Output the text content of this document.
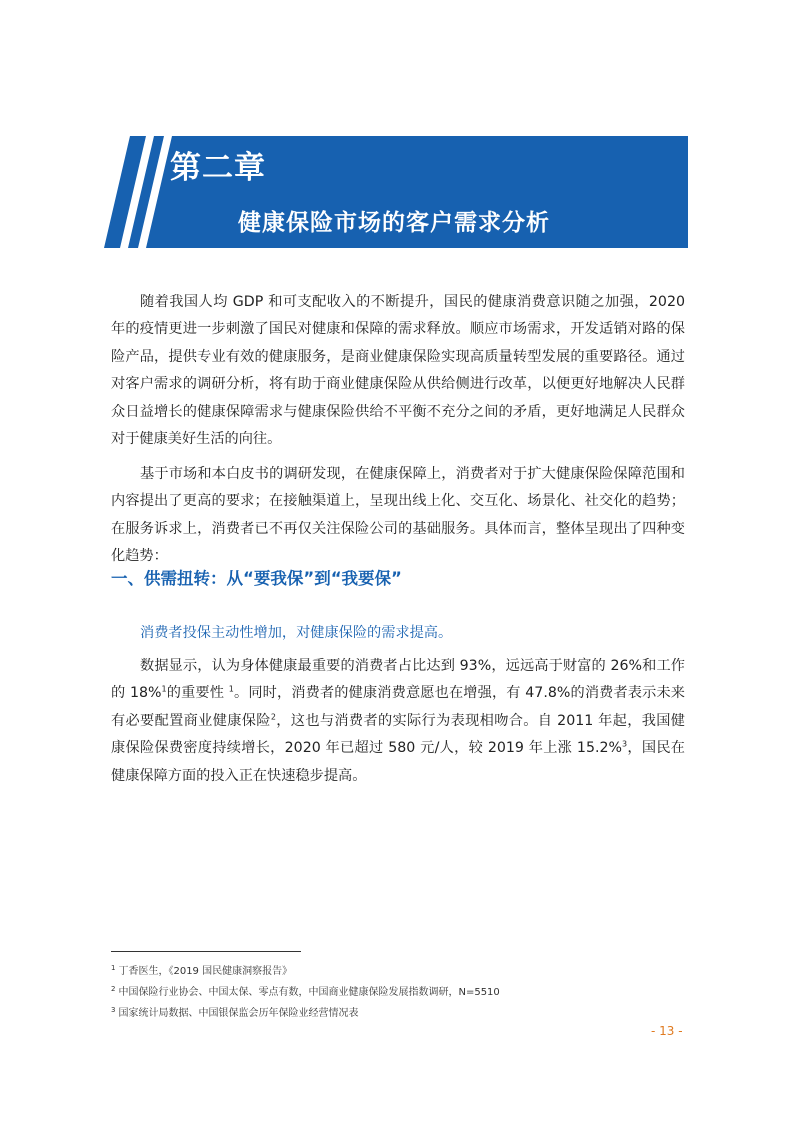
第二章
健康保险市场的客户需求分析

随着我国人均 GDP 和可支配收入的不断提升，国民的健康消费意识随之加强，2020 年的疫情更进一步刺激了国民对健康和保障的需求释放。顺应市场需求，开发适销对路的保险产品，提供专业有效的健康服务，是商业健康保险实现高质量转型发展的重要路径。通过对客户需求的调研分析，将有助于商业健康保险从供给侧进行改革，以便更好地解决人民群众日益增长的健康保障需求与健康保险供给不平衡不充分之间的矛盾，更好地满足人民群众对于健康美好生活的向往。

基于市场和本白皮书的调研发现，在健康保障上，消费者对于扩大健康保险保障范围和内容提出了更高的要求；在接触渠道上，呈现出线上化、交互化、场景化、社交化的趋势；在服务诉求上，消费者已不再仅关注保险公司的基础服务。具体而言，整体呈现出了四种变化趋势：

一、供需扭转：从“要我保”到“我要保”

消费者投保主动性增加，对健康保险的需求提高。

数据显示，认为身体健康最重要的消费者占比达到 93%，远远高于财富的 26%和工作的 18%$^1$的重要性 $^1$。同时，消费者的健康消费意愿也在增强，有 47.8%的消费者表示未来有必要配置商业健康保险$^2$，这也与消费者的实际行为表现相吻合。自 2011 年起，我国健康保险保费密度持续增长，2020 年已超过 580 元/人，较 2019 年上涨 15.2%$^3$，国民在健康保障方面的投入正在快速稳步提高。

$^1$ 丁香医生，《2019 国民健康洞察报告》

$^2$ 中国保险行业协会、中国太保、零点有数，中国商业健康保险发展指数调研，N=5510

$^3$ 国家统计局数据、中国银保监会历年保险业经营情况表

- 13 -
